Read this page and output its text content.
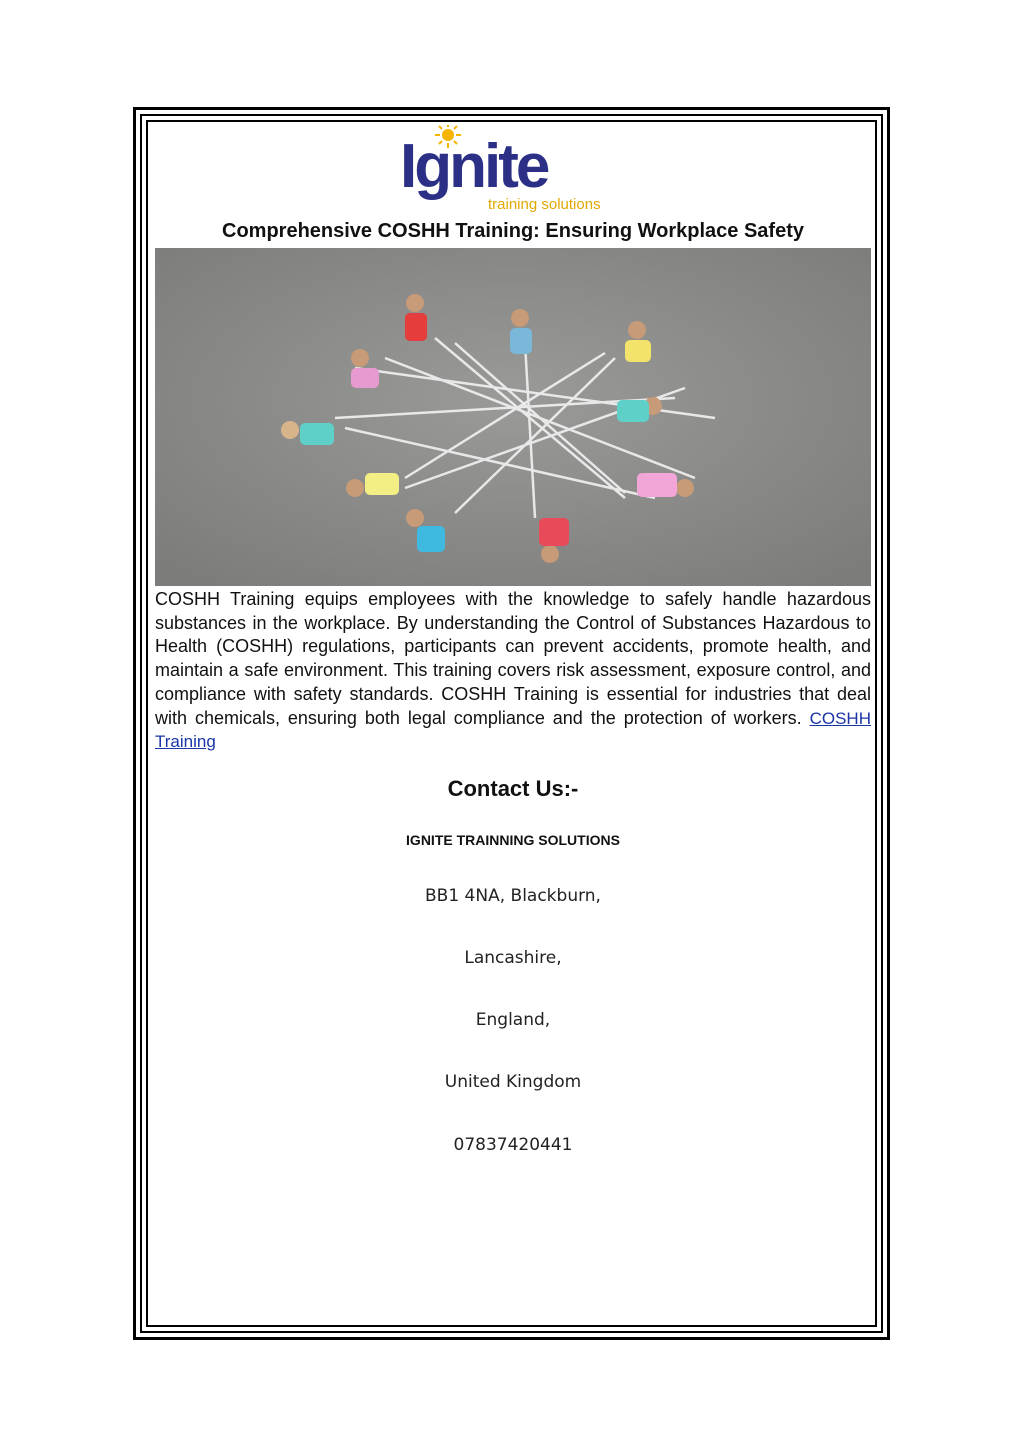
Ignite
training solutions
Comprehensive COSHH Training: Ensuring Workplace Safety
COSHH Training equips employees with the knowledge to safely handle hazardous substances in the workplace. By understanding the Control of Substances Hazardous to Health (COSHH) regulations, participants can prevent accidents, promote health, and maintain a safe environment. This training covers risk assessment, exposure control, and compliance with safety standards. COSHH Training is essential for industries that deal with chemicals, ensuring both legal compliance and the protection of workers. COSHH Training
Contact Us:-
IGNITE TRAINNING SOLUTIONS
BB1 4NA, Blackburn,
Lancashire,
England,
United Kingdom
07837420441
